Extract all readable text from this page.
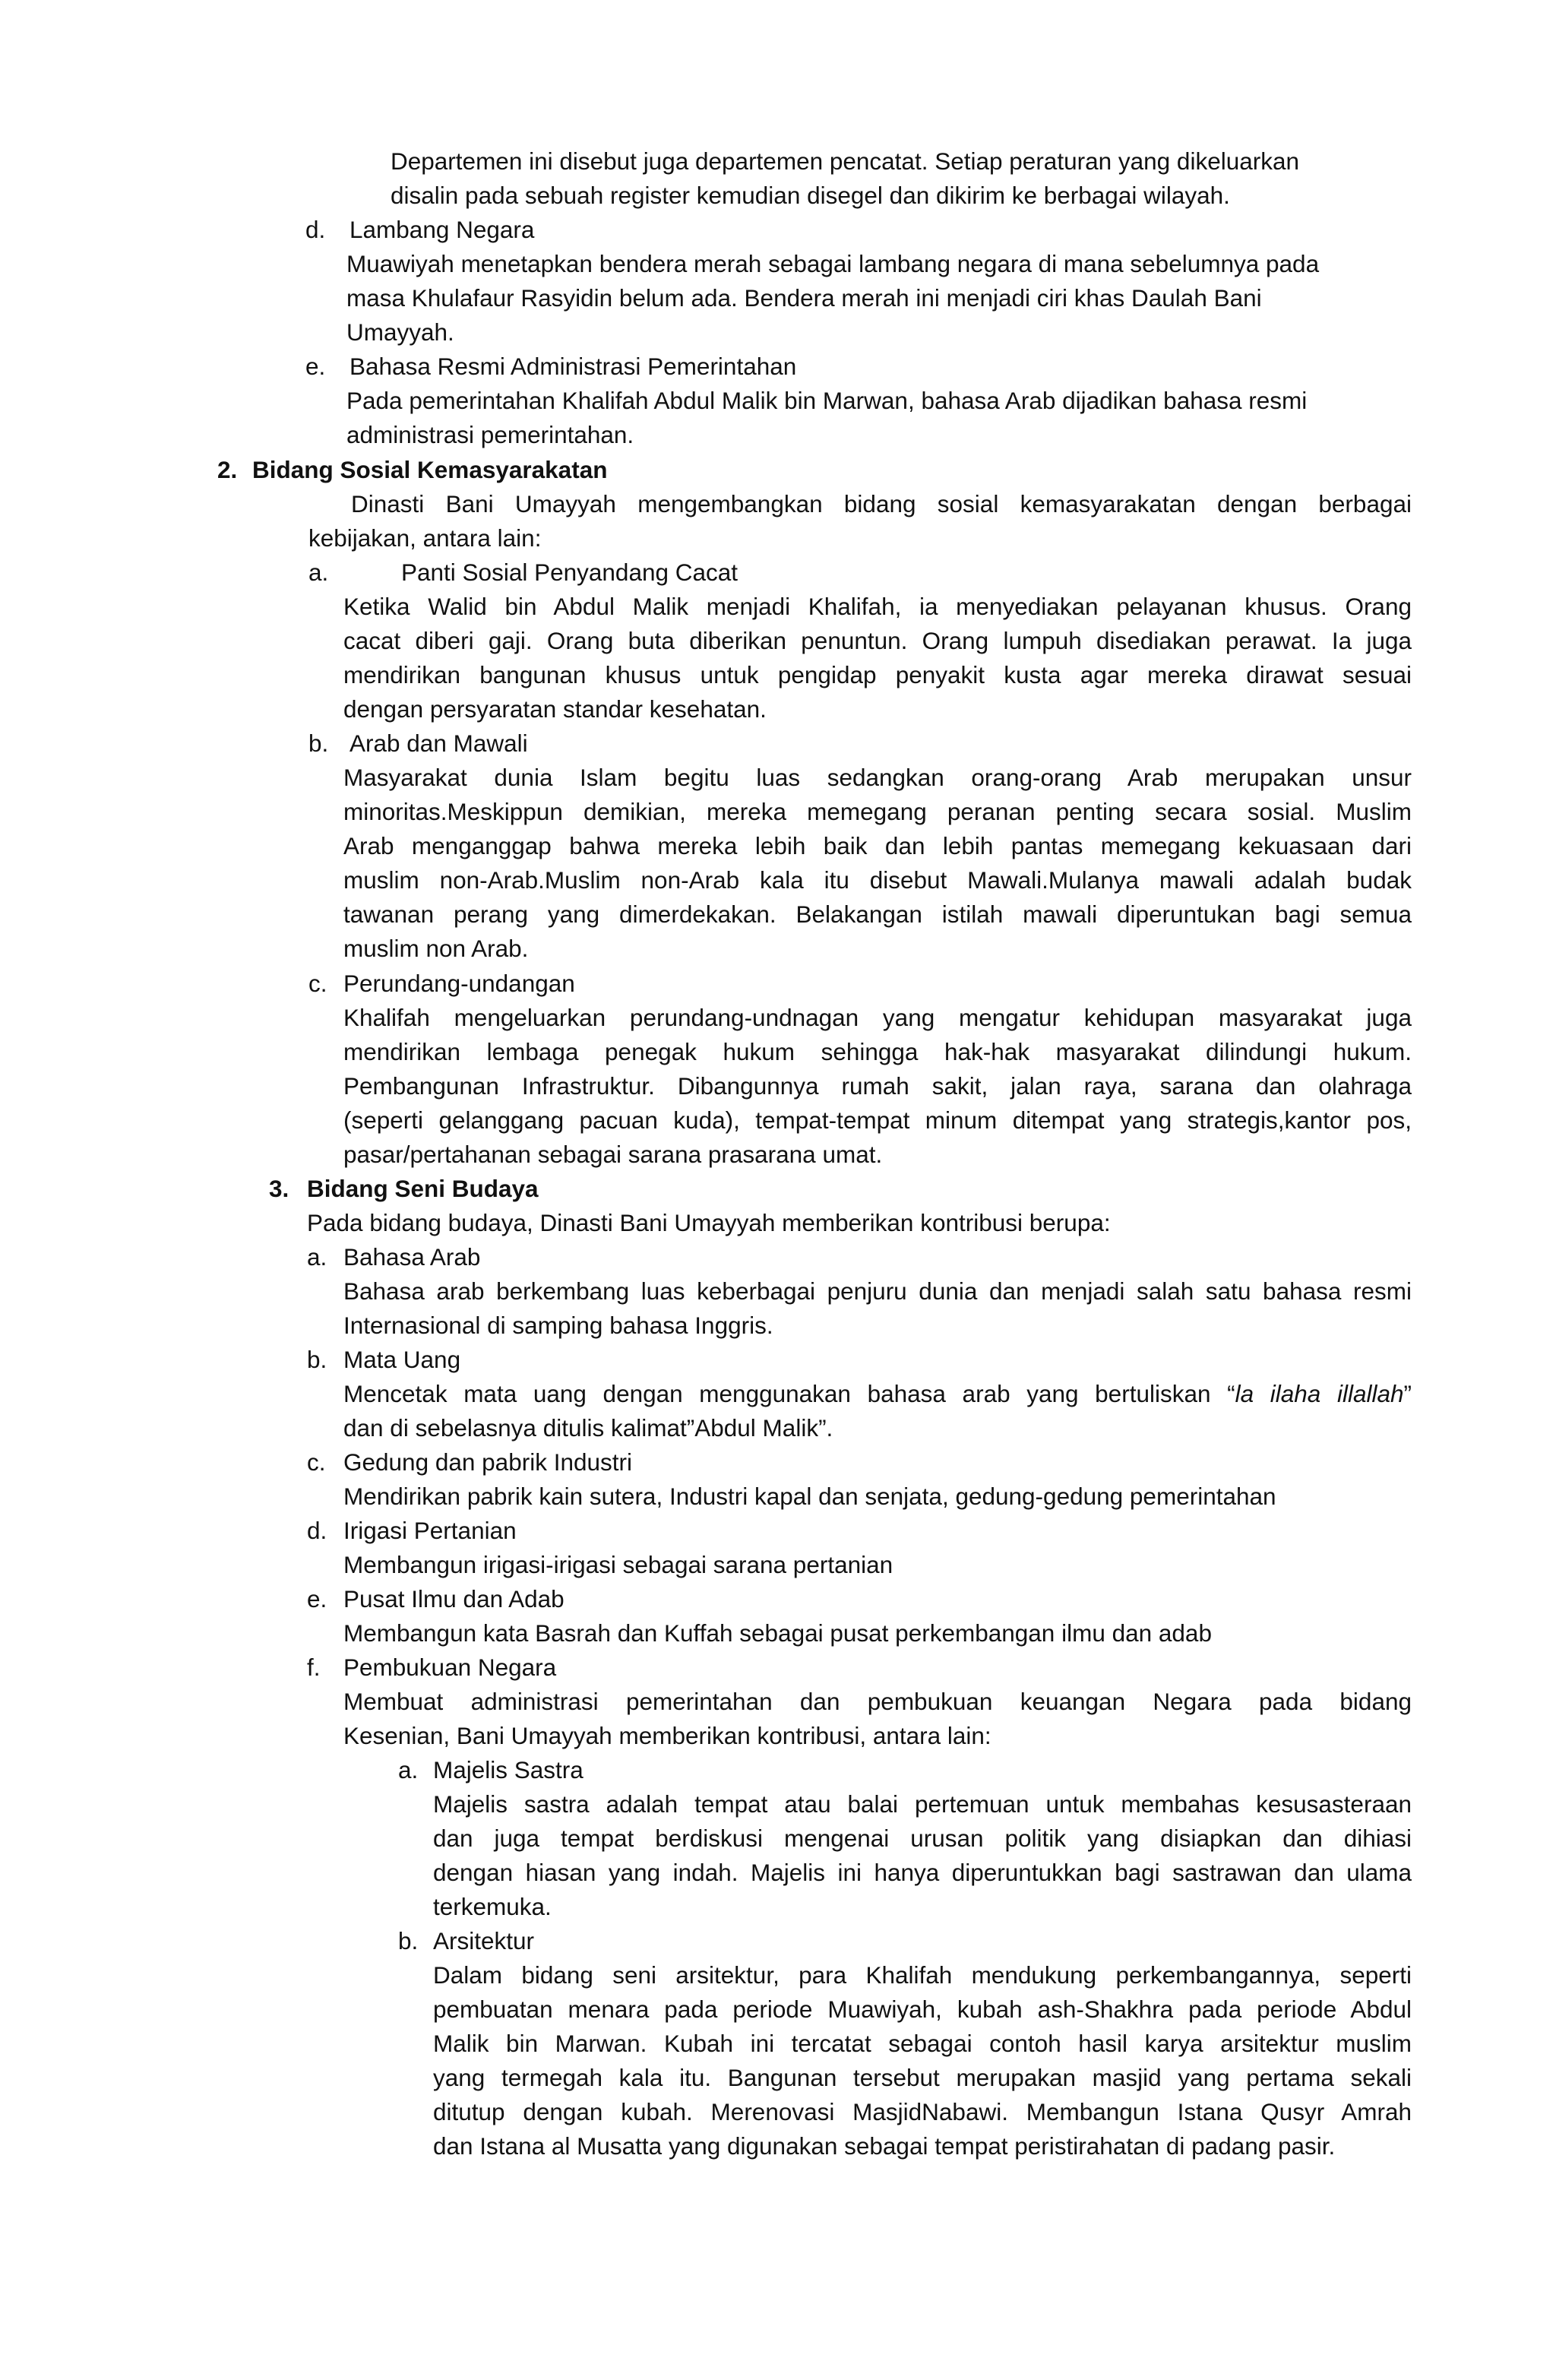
Departemen ini disebut juga departemen pencatat. Setiap peraturan yang dikeluarkan
disalin pada sebuah register kemudian disegel dan dikirim ke berbagai wilayah.
d. Lambang Negara
Muawiyah menetapkan bendera merah sebagai lambang negara di mana sebelumnya pada
masa Khulafaur Rasyidin belum ada. Bendera merah ini menjadi ciri khas Daulah Bani
Umayyah.
e. Bahasa Resmi Administrasi Pemerintahan
Pada pemerintahan Khalifah Abdul Malik bin Marwan, bahasa Arab dijadikan bahasa resmi
administrasi pemerintahan.
2. Bidang Sosial Kemasyarakatan
Dinasti Bani Umayyah mengembangkan bidang sosial kemasyarakatan dengan berbagai
kebijakan, antara lain:
a.	Panti Sosial Penyandang Cacat
Ketika Walid bin Abdul Malik menjadi Khalifah, ia menyediakan pelayanan khusus. Orang
cacat diberi gaji. Orang buta diberikan penuntun. Orang lumpuh disediakan perawat. Ia juga
mendirikan bangunan khusus untuk pengidap penyakit kusta agar mereka dirawat sesuai
dengan persyaratan standar kesehatan.
b. Arab dan Mawali
Masyarakat dunia Islam begitu luas sedangkan orang-orang Arab merupakan unsur
minoritas.Meskippun demikian, mereka memegang peranan penting secara sosial. Muslim
Arab menganggap bahwa mereka lebih baik dan lebih pantas memegang kekuasaan dari
muslim non-Arab.Muslim non-Arab kala itu disebut Mawali.Mulanya mawali adalah budak
tawanan perang yang dimerdekakan. Belakangan istilah mawali diperuntukan bagi semua
muslim non Arab.
c. Perundang-undangan
Khalifah mengeluarkan perundang-undnagan yang mengatur kehidupan masyarakat juga
mendirikan lembaga penegak hukum sehingga hak-hak masyarakat dilindungi hukum.
Pembangunan Infrastruktur. Dibangunnya rumah sakit, jalan raya, sarana dan olahraga
(seperti gelanggang pacuan kuda), tempat-tempat minum ditempat yang strategis,kantor pos,
pasar/pertahanan sebagai sarana prasarana umat.
3. Bidang Seni Budaya
Pada bidang budaya, Dinasti Bani Umayyah memberikan kontribusi berupa:
a. Bahasa Arab
Bahasa arab berkembang luas keberbagai penjuru dunia dan menjadi salah satu bahasa resmi
Internasional di samping bahasa Inggris.
b. Mata Uang
Mencetak mata uang dengan menggunakan bahasa arab yang bertuliskan “la ilaha illallah”
dan di sebelasnya ditulis kalimat”Abdul Malik”.
c. Gedung dan pabrik Industri
Mendirikan pabrik kain sutera, Industri kapal dan senjata, gedung-gedung pemerintahan
d. Irigasi Pertanian
Membangun irigasi-irigasi sebagai sarana pertanian
e. Pusat Ilmu dan Adab
Membangun kata Basrah dan Kuffah sebagai pusat perkembangan ilmu dan adab
f. Pembukuan Negara
Membuat administrasi pemerintahan dan pembukuan keuangan Negara pada bidang
Kesenian, Bani Umayyah memberikan kontribusi, antara lain:
a. Majelis Sastra
Majelis sastra adalah tempat atau balai pertemuan untuk membahas kesusasteraan
dan juga tempat berdiskusi mengenai urusan politik yang disiapkan dan dihiasi
dengan hiasan yang indah. Majelis ini hanya diperuntukkan bagi sastrawan dan ulama
terkemuka.
b. Arsitektur
Dalam bidang seni arsitektur, para Khalifah mendukung perkembangannya, seperti
pembuatan menara pada periode Muawiyah, kubah ash-Shakhra pada periode Abdul
Malik bin Marwan. Kubah ini tercatat sebagai contoh hasil karya arsitektur muslim
yang termegah kala itu. Bangunan tersebut merupakan masjid yang pertama sekali
ditutup dengan kubah. Merenovasi MasjidNabawi. Membangun Istana Qusyr Amrah
dan Istana al Musatta yang digunakan sebagai tempat peristirahatan di padang pasir.
